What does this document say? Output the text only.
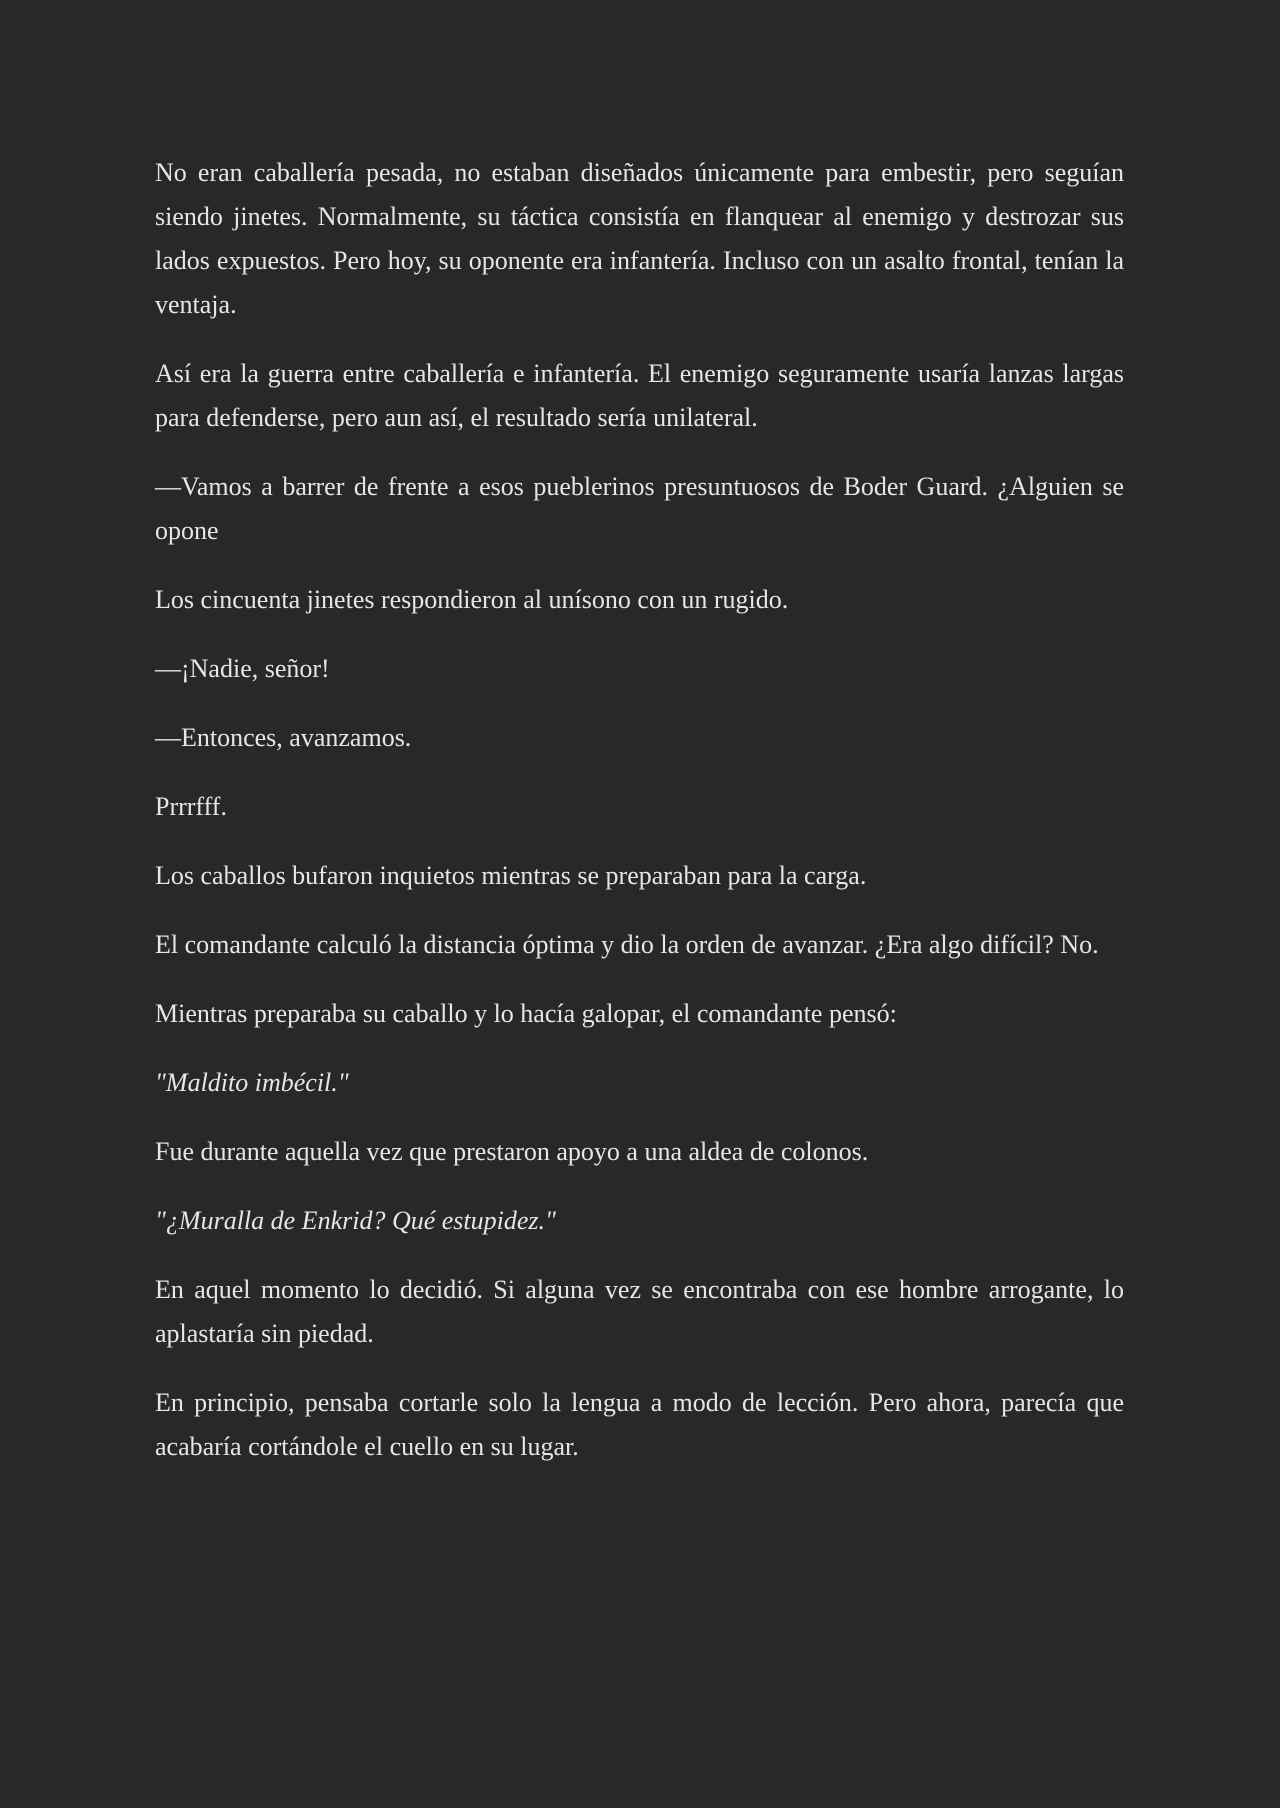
No eran caballería pesada, no estaban diseñados únicamente para embestir, pero seguían siendo jinetes. Normalmente, su táctica consistía en flanquear al enemigo y destrozar sus lados expuestos. Pero hoy, su oponente era infantería. Incluso con un asalto frontal, tenían la ventaja.

Así era la guerra entre caballería e infantería. El enemigo seguramente usaría lanzas largas para defenderse, pero aun así, el resultado sería unilateral.

—Vamos a barrer de frente a esos pueblerinos presuntuosos de Boder Guard. ¿Alguien se opone

Los cincuenta jinetes respondieron al unísono con un rugido.

—¡Nadie, señor!

—Entonces, avanzamos.

Prrrfff.

Los caballos bufaron inquietos mientras se preparaban para la carga.

El comandante calculó la distancia óptima y dio la orden de avanzar. ¿Era algo difícil? No.

Mientras preparaba su caballo y lo hacía galopar, el comandante pensó:

"Maldito imbécil."

Fue durante aquella vez que prestaron apoyo a una aldea de colonos.

"¿Muralla de Enkrid? Qué estupidez."

En aquel momento lo decidió. Si alguna vez se encontraba con ese hombre arrogante, lo aplastaría sin piedad.

En principio, pensaba cortarle solo la lengua a modo de lección. Pero ahora, parecía que acabaría cortándole el cuello en su lugar.
